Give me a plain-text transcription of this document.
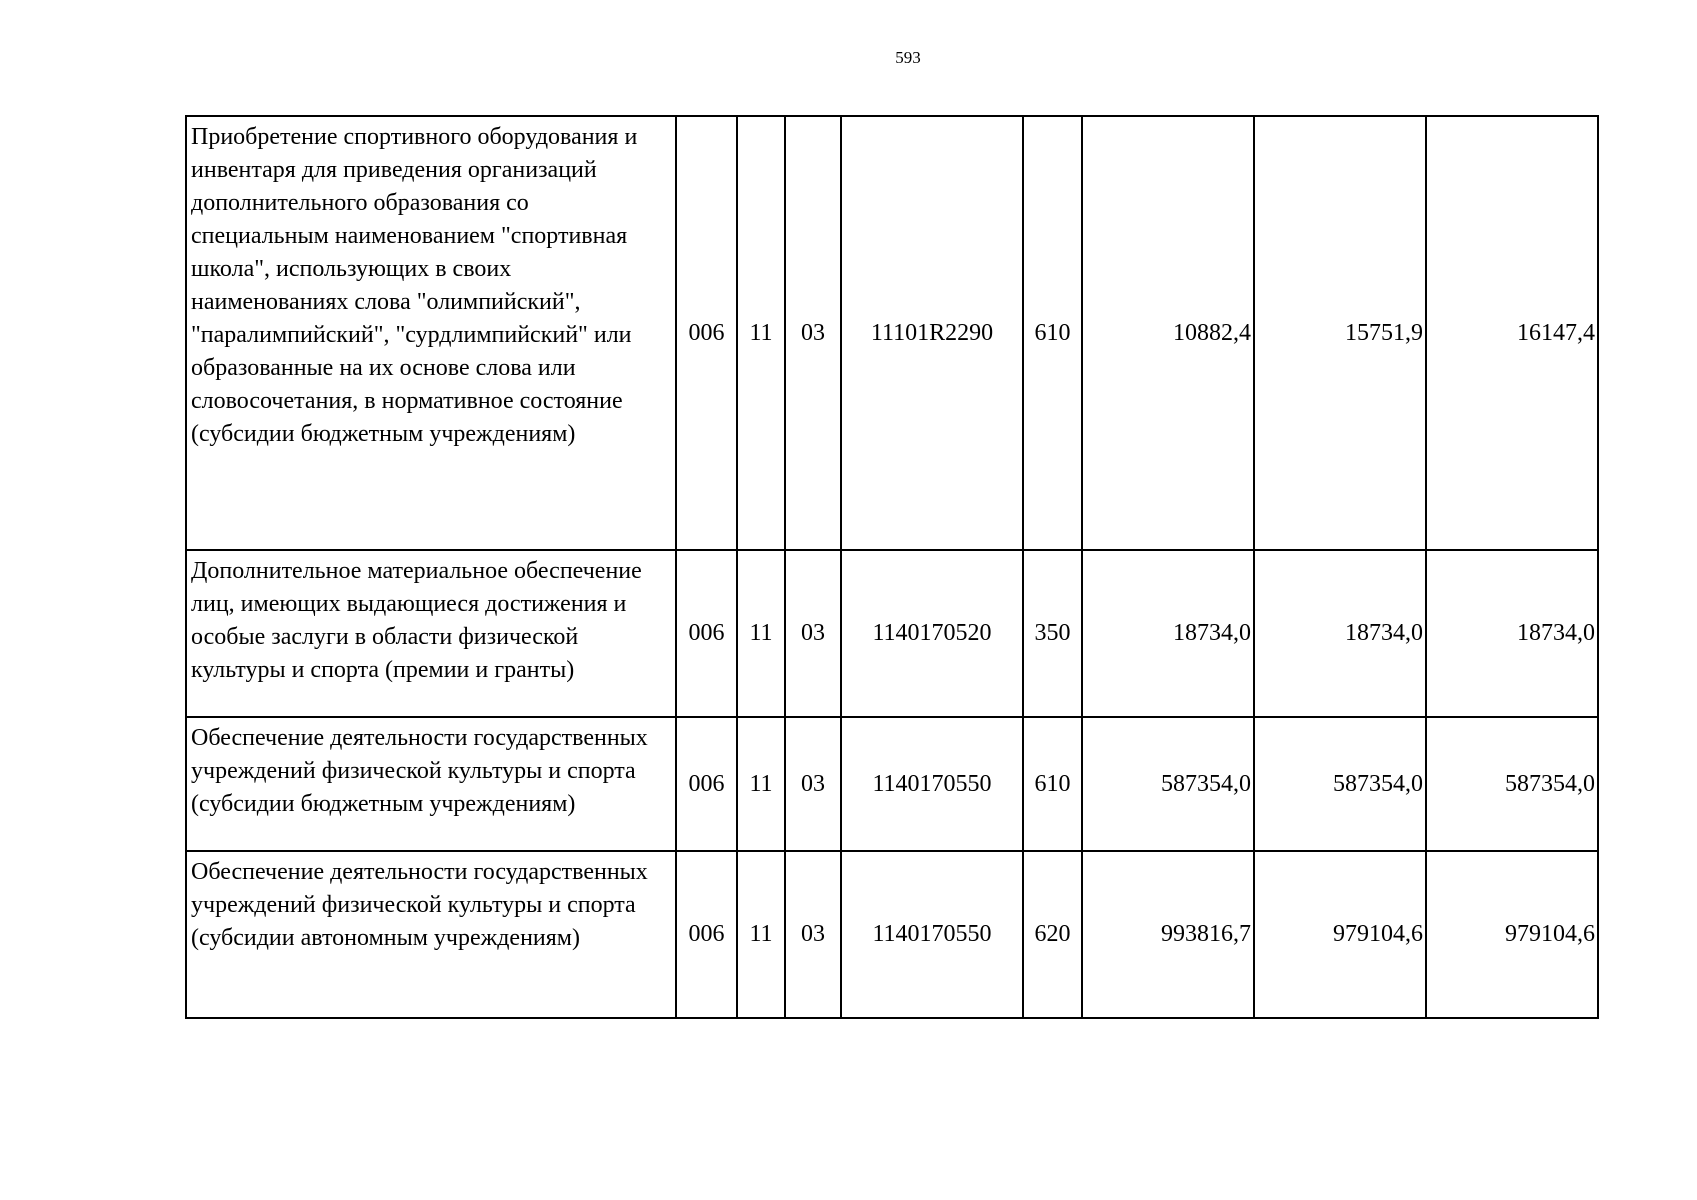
593
Приобретение спортивного оборудования и инвентаря для приведения организаций дополнительного образования со специальным наименованием "спортивная школа", использующих в своих наименованиях слова "олимпийский", "паралимпийский", "сурдлимпийский" или образованные на их основе слова или словосочетания, в нормативное состояние (субсидии бюджетным учреждениям)	006	11	03	11101R2290	610	10882,4	15751,9	16147,4
Дополнительное материальное обеспечение лиц, имеющих выдающиеся достижения и особые заслуги в области физической культуры и спорта (премии и гранты)	006	11	03	1140170520	350	18734,0	18734,0	18734,0
Обеспечение деятельности государственных учреждений физической культуры и спорта (субсидии бюджетным учреждениям)	006	11	03	1140170550	610	587354,0	587354,0	587354,0
Обеспечение деятельности государственных учреждений физической культуры и спорта (субсидии автономным учреждениям)	006	11	03	1140170550	620	993816,7	979104,6	979104,6
